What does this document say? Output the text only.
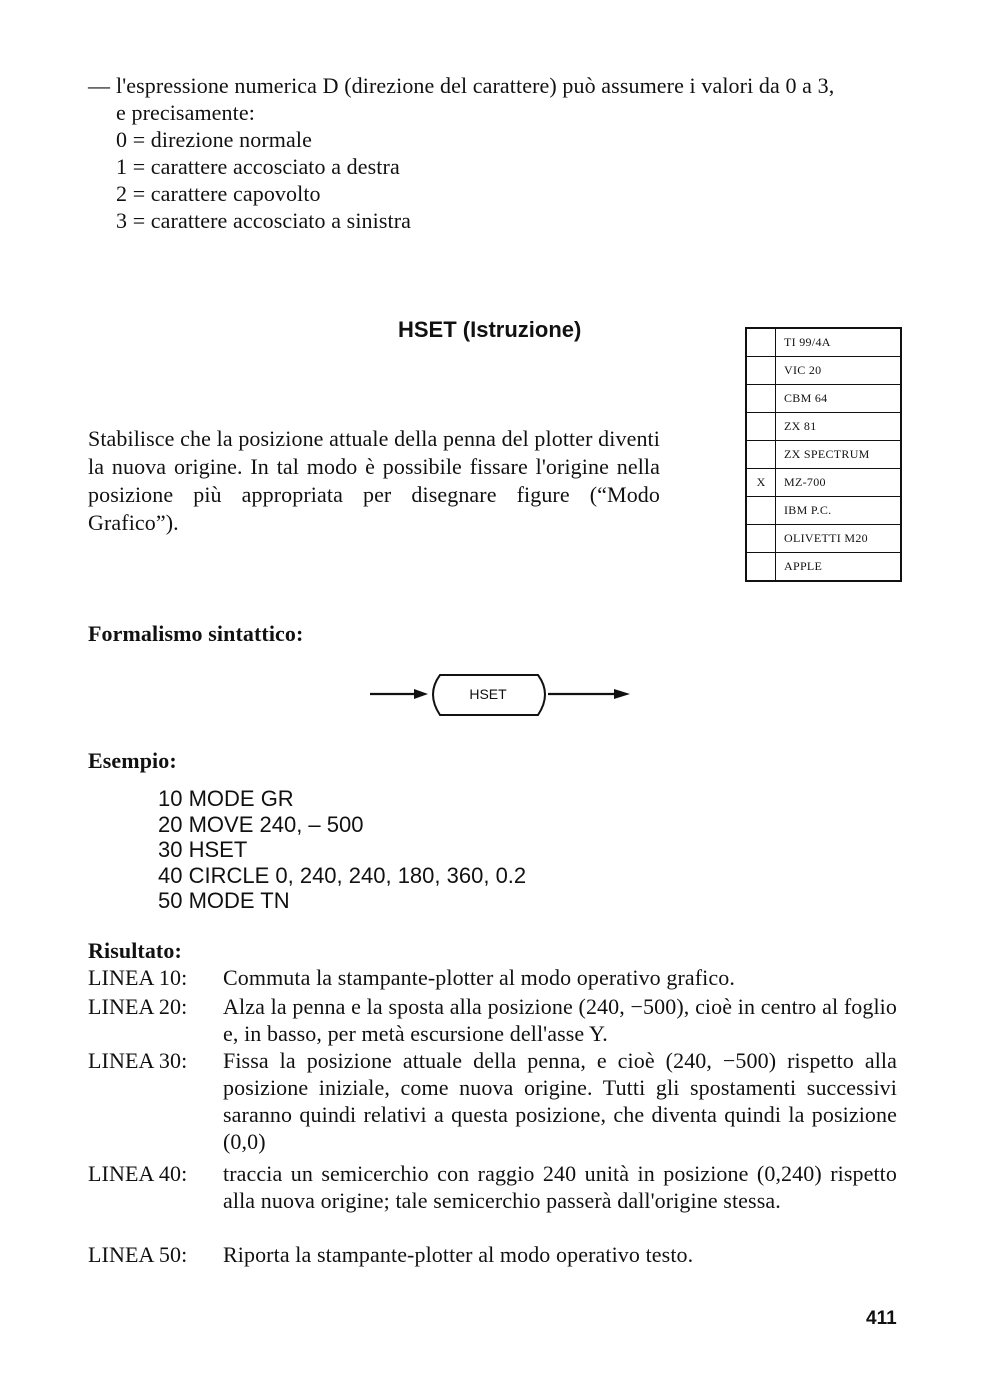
— l'espressione numerica D (direzione del carattere) può assumere i valori da 0 a 3,
e precisamente:
0 = direzione normale
1 = carattere accosciato a destra
2 = carattere capovolto
3 = carattere accosciato a sinistra
HSET (Istruzione)
Stabilisce che la posizione attuale della penna del plotter diventi la nuova origine. In tal modo è possibile fissare l'origine nella posizione più appropriata per disegnare figure (“Modo Grafico”).
	TI 99/4A
	VIC 20
	CBM 64
	ZX 81
	ZX SPECTRUM
X	MZ-700
	IBM P.C.
	OLIVETTI M20
	APPLE
Formalismo sintattico:
HSET
Esempio:
10 MODE GR
20 MOVE 240, – 500
30 HSET
40 CIRCLE 0, 240, 240, 180, 360, 0.2
50 MODE TN
Risultato:
LINEA 10: Commuta la stampante-plotter al modo operativo grafico.
LINEA 20: Alza la penna e la sposta alla posizione (240, −500), cioè in centro al foglio e, in basso, per metà escursione dell'asse Y.
LINEA 30: Fissa la posizione attuale della penna, e cioè (240, −500) rispetto alla posizione iniziale, come nuova origine. Tutti gli spostamenti successivi saranno quindi relativi a questa posizione, che diventa quindi la posizione (0,0)
LINEA 40: traccia un semicerchio con raggio 240 unità in posizione (0,240) rispetto alla nuova origine; tale semicerchio passerà dall'origine stessa.
LINEA 50: Riporta la stampante-plotter al modo operativo testo.
411
